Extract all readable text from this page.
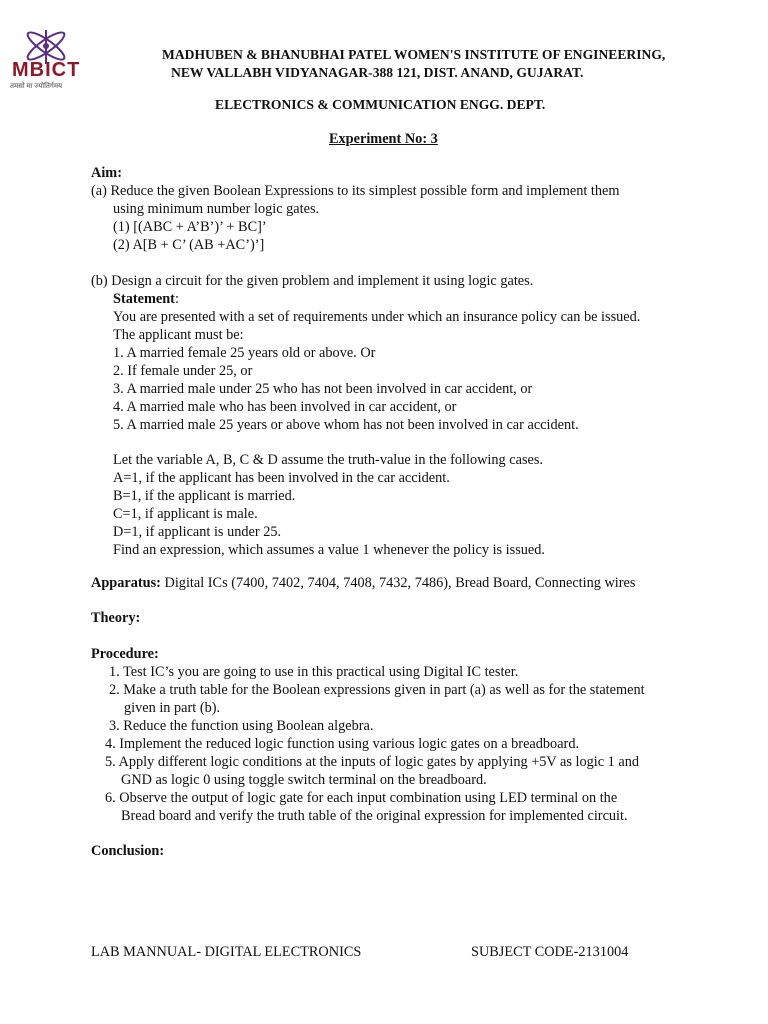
MBICT
तमसो मा ज्योतिर्गमय
MADHUBEN & BHANUBHAI PATEL WOMEN'S INSTITUTE OF ENGINEERING,
NEW VALLABH VIDYANAGAR-388 121, DIST. ANAND, GUJARAT.
ELECTRONICS & COMMUNICATION ENGG. DEPT.
Experiment No: 3
Aim:
(a) Reduce the given Boolean Expressions to its simplest possible form and implement them
using minimum number logic gates.
(1) [(ABC + A’B’)’ + BC]’
(2) A[B + C’ (AB +AC’)’]
(b) Design a circuit for the given problem and implement it using logic gates.
Statement:
You are presented with a set of requirements under which an insurance policy can be issued.
The applicant must be:
1. A married female 25 years old or above. Or
2. If female under 25, or
3. A married male under 25 who has not been involved in car accident, or
4. A married male who has been involved in car accident, or
5. A married male 25 years or above whom has not been involved in car accident.
Let the variable A, B, C & D assume the truth-value in the following cases.
A=1, if the applicant has been involved in the car accident.
B=1, if the applicant is married.
C=1, if applicant is male.
D=1, if applicant is under 25.
Find an expression, which assumes a value 1 whenever the policy is issued.
Apparatus: Digital ICs (7400, 7402, 7404, 7408, 7432, 7486), Bread Board, Connecting wires
Theory:
Procedure:
1. Test IC’s you are going to use in this practical using Digital IC tester.
2. Make a truth table for the Boolean expressions given in part (a) as well as for the statement
given in part (b).
3. Reduce the function using Boolean algebra.
4. Implement the reduced logic function using various logic gates on a breadboard.
5. Apply different logic conditions at the inputs of logic gates by applying +5V as logic 1 and
GND as logic 0 using toggle switch terminal on the breadboard.
6. Observe the output of logic gate for each input combination using LED terminal on the
Bread board and verify the truth table of the original expression for implemented circuit.
Conclusion:
LAB MANNUAL- DIGITAL ELECTRONICS	SUBJECT CODE-2131004
